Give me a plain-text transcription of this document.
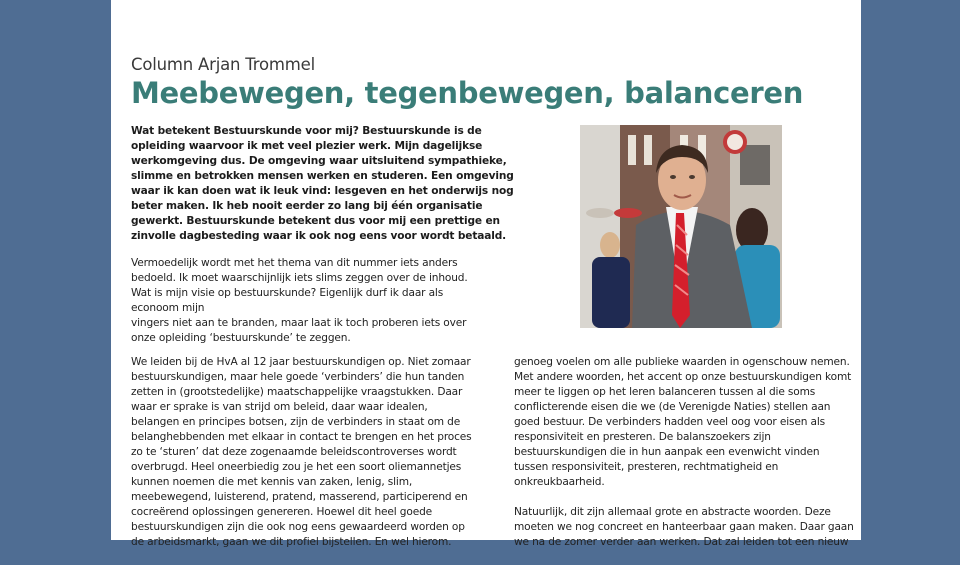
Column Arjan Trommel
Meebewegen, tegenbewegen, balanceren
Wat betekent Bestuurskunde voor mij? Bestuurskunde is de
opleiding waarvoor ik met veel plezier werk. Mijn dagelijkse
werkomgeving dus. De omgeving waar uitsluitend sympathieke,
slimme en betrokken mensen werken en studeren. Een omgeving
waar ik kan doen wat ik leuk vind: lesgeven en het onderwijs nog
beter maken. Ik heb nooit eerder zo lang bij één organisatie
gewerkt. Bestuurskunde betekent dus voor mij een prettige en
zinvolle dagbesteding waar ik ook nog eens voor wordt betaald.
Vermoedelijk wordt met het thema van dit nummer iets anders
bedoeld. Ik moet waarschijnlijk iets slims zeggen over de inhoud.
Wat is mijn visie op bestuurskunde? Eigenlijk durf ik daar als
econoom mijn
vingers niet aan te branden, maar laat ik toch proberen iets over
onze opleiding ‘bestuurskunde’ te zeggen.
We leiden bij de HvA al 12 jaar bestuurskundigen op. Niet zomaar
bestuurskundigen, maar hele goede ‘verbinders’ die hun tanden
zetten in (grootstedelijke) maatschappelijke vraagstukken. Daar
waar er sprake is van strijd om beleid, daar waar idealen,
belangen en principes botsen, zijn de verbinders in staat om de
belanghebbenden met elkaar in contact te brengen en het proces
zo te ‘sturen’ dat deze zogenaamde beleidscontroverses wordt
overbrugd. Heel oneerbiedig zou je het een soort oliemannetjes
kunnen noemen die met kennis van zaken, lenig, slim,
meebewegend, luisterend, pratend, masserend, participerend en
cocreërend oplossingen genereren. Hoewel dit heel goede
bestuurskundigen zijn die ook nog eens gewaardeerd worden op
de arbeidsmarkt, gaan we dit profiel bijstellen. En wel hierom.

genoeg voelen om alle publieke waarden in ogenschouw nemen.
Met andere woorden, het accent op onze bestuurskundigen komt
meer te liggen op het leren balanceren tussen al die soms
conflicterende eisen die we (de Verenigde Naties) stellen aan
goed bestuur. De verbinders hadden veel oog voor eisen als
responsiviteit en presteren. De balanszoekers zijn
bestuurskundigen die in hun aanpak een evenwicht vinden
tussen responsiviteit, presteren, rechtmatigheid en
onkreukbaarheid.

Natuurlijk, dit zijn allemaal grote en abstracte woorden. Deze
moeten we nog concreet en hanteerbaar gaan maken. Daar gaan
we na de zomer verder aan werken. Dat zal leiden tot een nieuw
